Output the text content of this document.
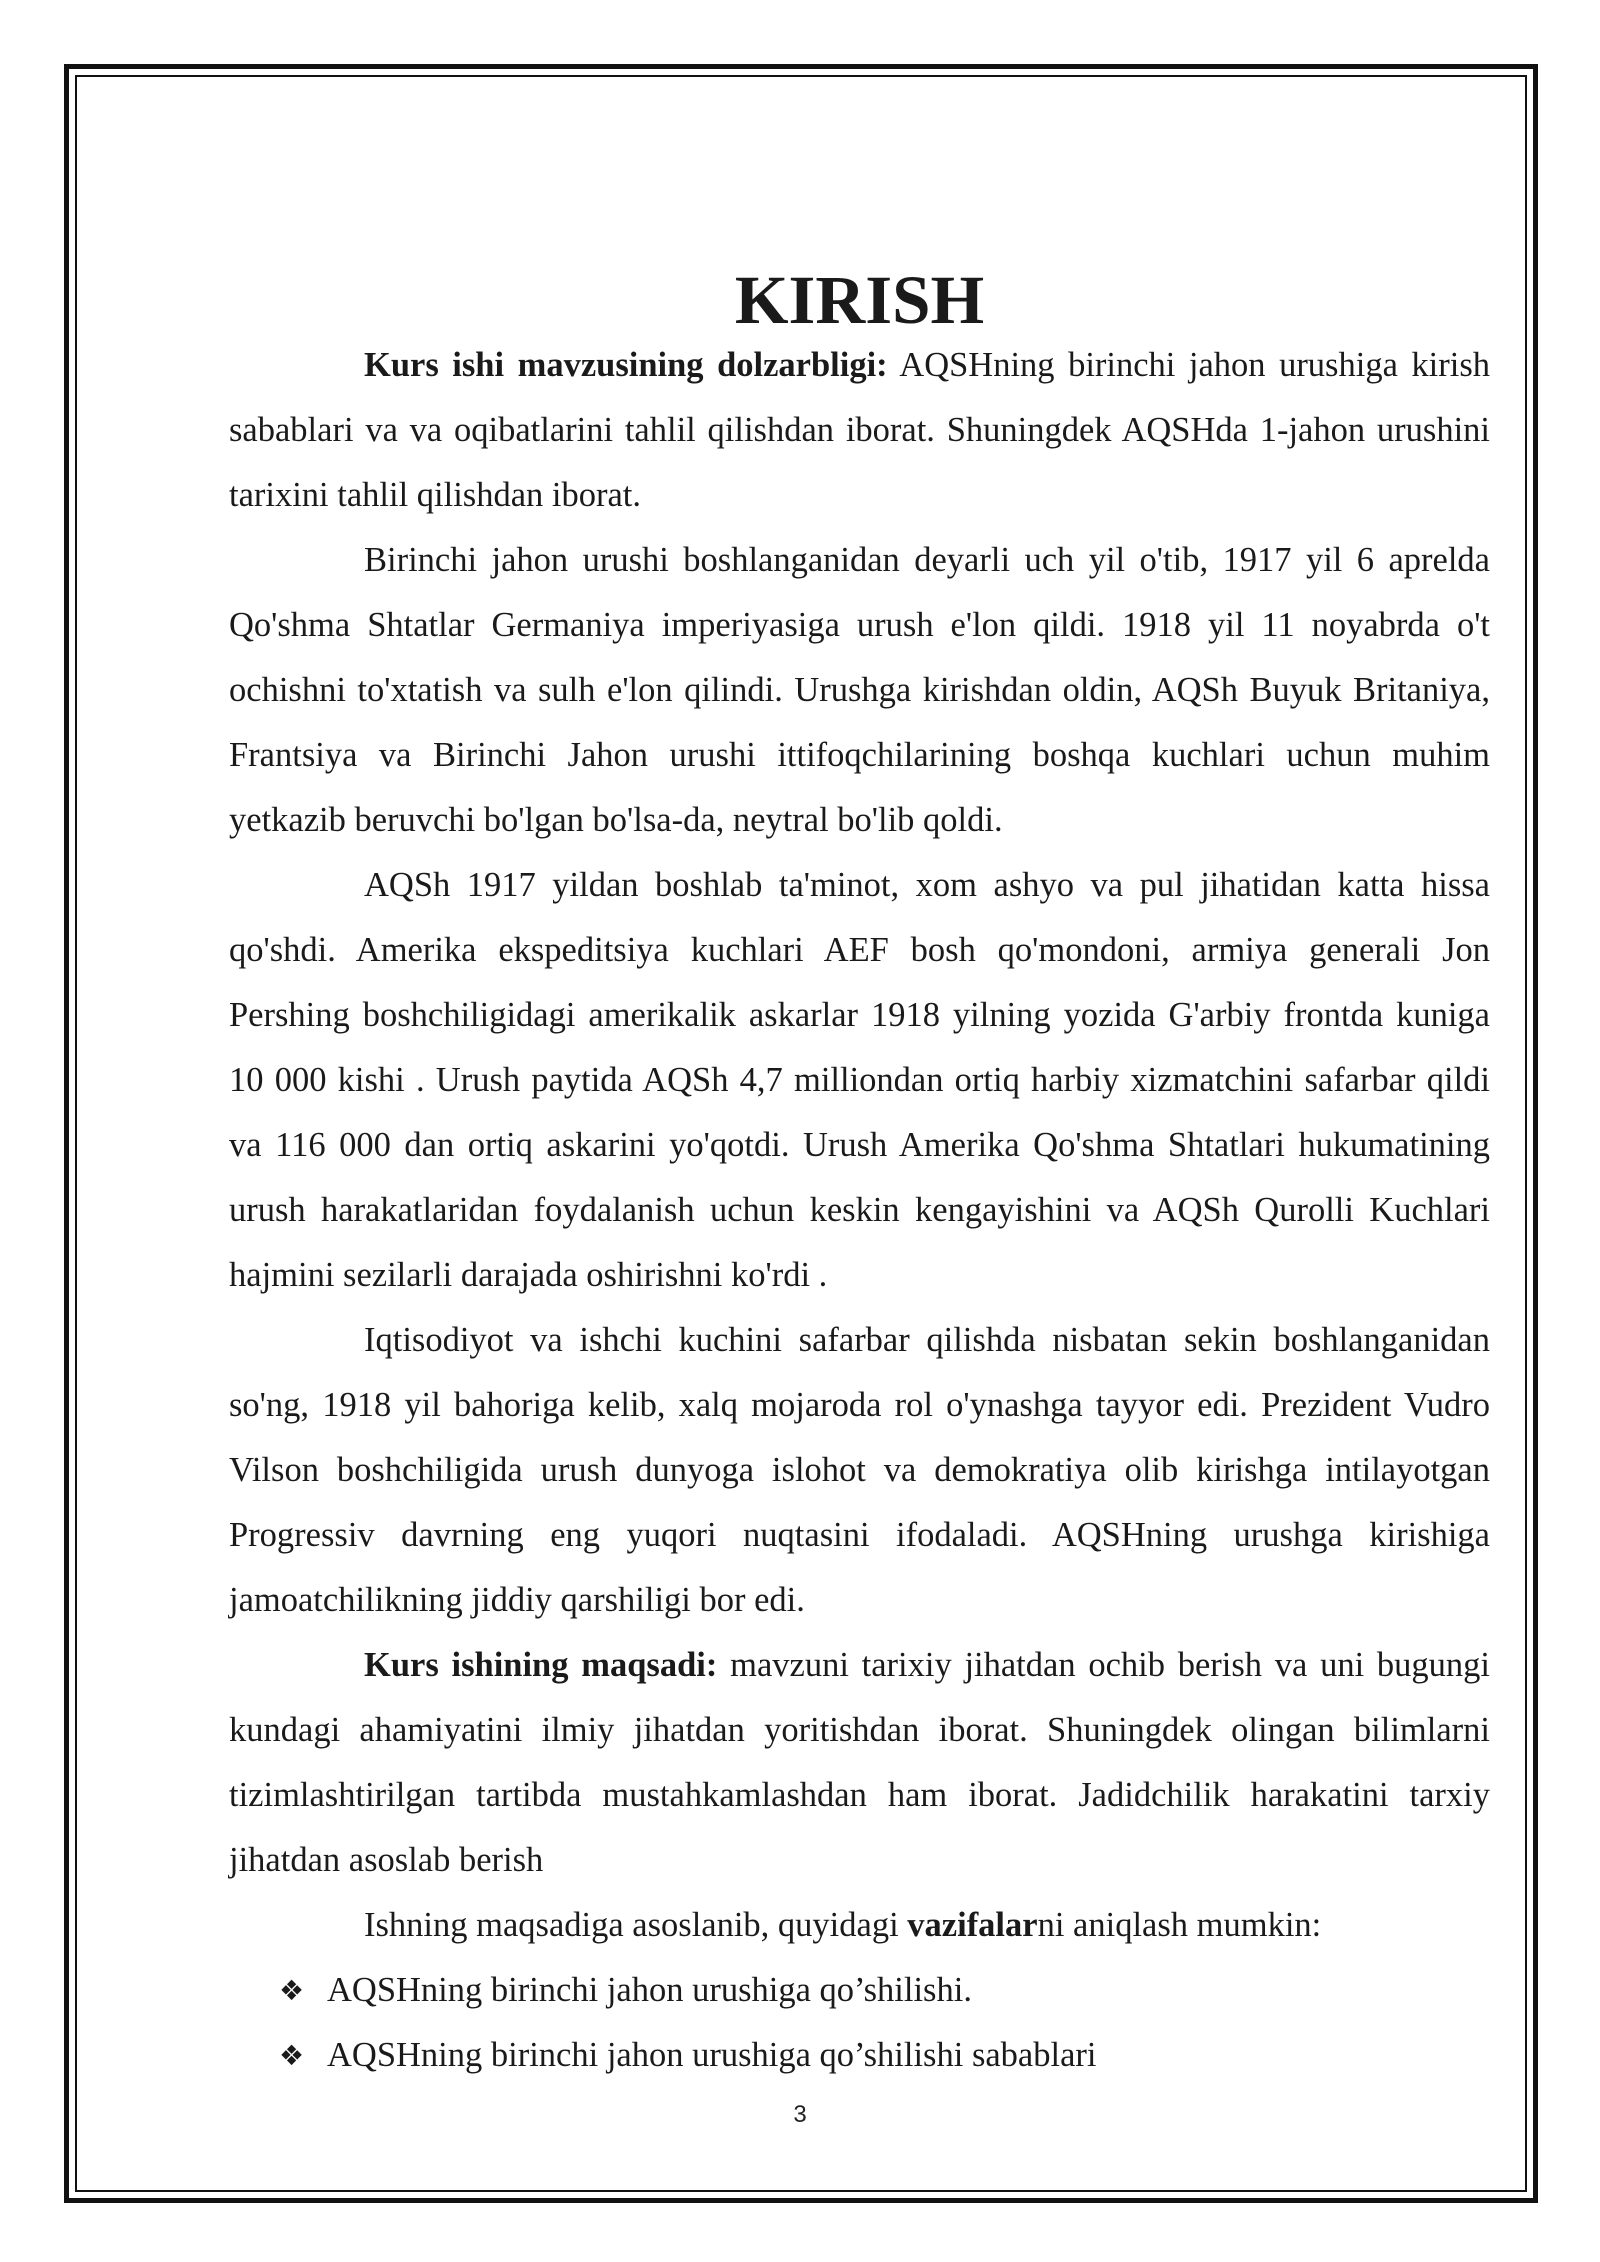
KIRISH

Kurs ishi mavzusining dolzarbligi: AQSHning birinchi jahon urushiga kirish sabablari va va oqibatlarini tahlil qilishdan iborat. Shuningdek AQSHda 1-jahon urushini tarixini tahlil qilishdan iborat.

Birinchi jahon urushi boshlanganidan deyarli uch yil o'tib, 1917 yil 6 aprelda Qo'shma Shtatlar Germaniya imperiyasiga urush e'lon qildi. 1918 yil 11 noyabrda o't ochishni to'xtatish va sulh e'lon qilindi. Urushga kirishdan oldin, AQSh Buyuk Britaniya, Frantsiya va Birinchi Jahon urushi ittifoqchilarining boshqa kuchlari uchun muhim yetkazib beruvchi bo'lgan bo'lsa-da, neytral bo'lib qoldi.

AQSh 1917 yildan boshlab ta'minot, xom ashyo va pul jihatidan katta hissa qo'shdi. Amerika ekspeditsiya kuchlari AEF bosh qo'mondoni, armiya generali Jon Pershing boshchiligidagi amerikalik askarlar 1918 yilning yozida G'arbiy frontda kuniga 10 000 kishi . Urush paytida AQSh 4,7 milliondan ortiq harbiy xizmatchini safarbar qildi va 116 000 dan ortiq askarini yo'qotdi. Urush Amerika Qo'shma Shtatlari hukumatining urush harakatlaridan foydalanish uchun keskin kengayishini va AQSh Qurolli Kuchlari hajmini sezilarli darajada oshirishni ko'rdi .

Iqtisodiyot va ishchi kuchini safarbar qilishda nisbatan sekin boshlanganidan so'ng, 1918 yil bahoriga kelib, xalq mojaroda rol o'ynashga tayyor edi. Prezident Vudro Vilson boshchiligida urush dunyoga islohot va demokratiya olib kirishga intilayotgan Progressiv davrning eng yuqori nuqtasini ifodaladi. AQSHning urushga kirishiga jamoatchilikning jiddiy qarshiligi bor edi.

Kurs ishining maqsadi: mavzuni tarixiy jihatdan ochib berish va uni bugungi kundagi ahamiyatini ilmiy jihatdan yoritishdan iborat. Shuningdek olingan bilimlarni tizimlashtirilgan tartibda mustahkamlashdan ham iborat. Jadidchilik harakatini tarxiy jihatdan asoslab berish

Ishning maqsadiga asoslanib, quyidagi vazifalarni aniqlash mumkin:

❖ AQSHning birinchi jahon urushiga qo’shilishi.
❖ AQSHning birinchi jahon urushiga qo’shilishi sabablari
3
